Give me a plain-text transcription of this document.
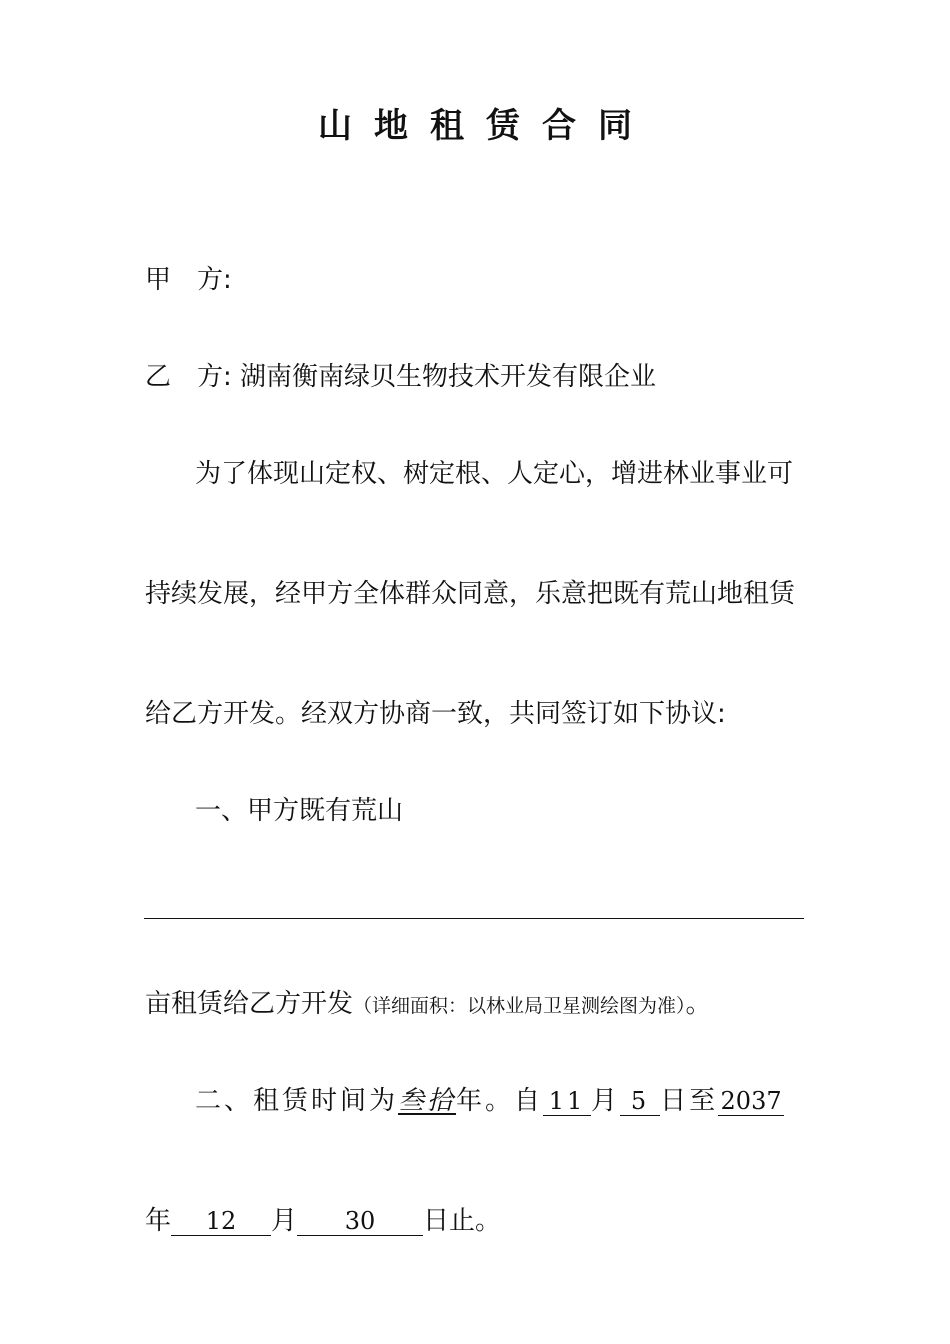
山地租赁合同
甲　方:
乙　方: 湖南衡南绿贝生物技术开发有限企业
为了体现山定权、树定根、人定心，增进林业事业可
持续发展，经甲方全体群众同意，乐意把既有荒山地租赁
给乙方开发。经双方协商一致，共同签订如下协议:
一、甲方既有荒山
亩租赁给乙方开发（详细面积：以林业局卫星测绘图为准）。
二、租赁时间为叁拾年。自 11 月 5 日至 2037
年 12 月 30 日止。
